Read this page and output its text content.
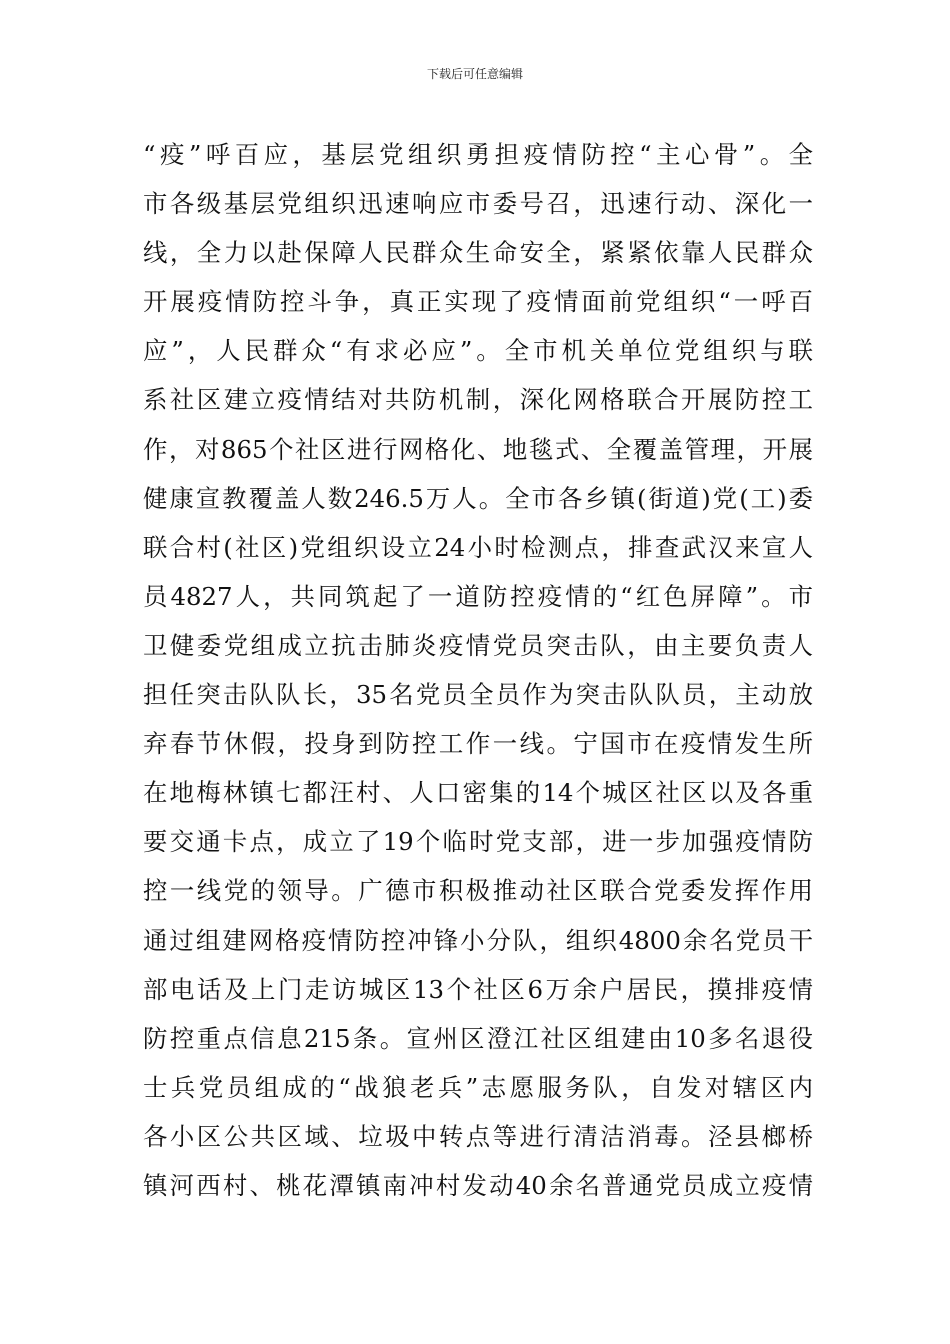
下载后可任意编辑
“疫”呼百应，基层党组织勇担疫情防控“主心骨”。全
市各级基层党组织迅速响应市委号召，迅速行动、深化一
线，全力以赴保障人民群众生命安全，紧紧依靠人民群众
开展疫情防控斗争，真正实现了疫情面前党组织“一呼百
应”，人民群众“有求必应”。全市机关单位党组织与联
系社区建立疫情结对共防机制，深化网格联合开展防控工
作，对865个社区进行网格化、地毯式、全覆盖管理，开展
健康宣教覆盖人数246.5万人。全市各乡镇(街道)党(工)委
联合村(社区)党组织设立24小时检测点，排查武汉来宣人
员4827人，共同筑起了一道防控疫情的“红色屏障”。市
卫健委党组成立抗击肺炎疫情党员突击队，由主要负责人
担任突击队队长，35名党员全员作为突击队队员，主动放
弃春节休假，投身到防控工作一线。宁国市在疫情发生所
在地梅林镇七都汪村、人口密集的14个城区社区以及各重
要交通卡点，成立了19个临时党支部，进一步加强疫情防
控一线党的领导。广德市积极推动社区联合党委发挥作用
通过组建网格疫情防控冲锋小分队，组织4800余名党员干
部电话及上门走访城区13个社区6万余户居民，摸排疫情
防控重点信息215条。宣州区澄江社区组建由10多名退役
士兵党员组成的“战狼老兵”志愿服务队，自发对辖区内
各小区公共区域、垃圾中转点等进行清洁消毒。泾县榔桥
镇河西村、桃花潭镇南冲村发动40余名普通党员成立疫情
